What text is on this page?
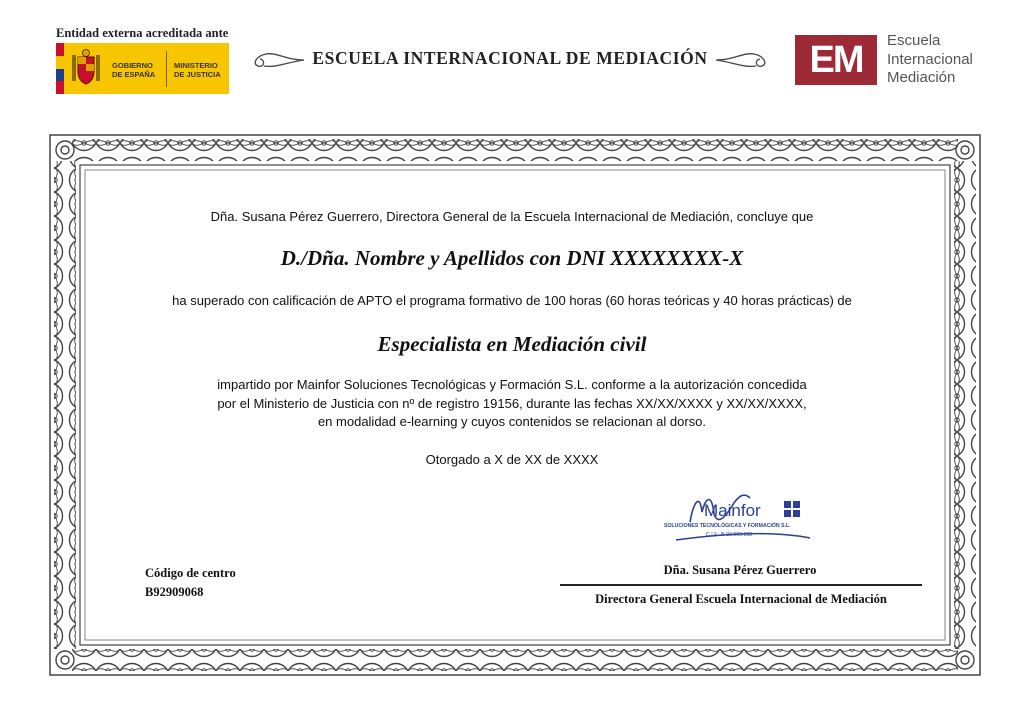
Entidad externa acreditada ante
GOBIERNO DE ESPAÑA
MINISTERIO DE JUSTICIA
ESCUELA INTERNACIONAL DE MEDIACIÓN	EM	Escuela
Internacional
Mediación
Dña. Susana Pérez Guerrero, Directora General de la Escuela Internacional de Mediación, concluye que
D./Dña. Nombre y Apellidos con DNI XXXXXXXX-X
ha superado con calificación de APTO el programa formativo de 100 horas (60 horas teóricas y 40 horas prácticas) de
Especialista en Mediación civil
impartido por Mainfor Soluciones Tecnológicas y Formación S.L. conforme a la autorización concedida
por el Ministerio de Justicia con nº de registro 19156, durante las fechas XX/XX/XXXX y XX/XX/XXXX,
en modalidad e-learning y cuyos contenidos se relacionan al dorso.
Otorgado a X de XX de XXXX
Código de centro
B92909068
Mainfor
SOLUCIONES TECNOLÓGICAS Y FORMACIÓN S.L.
C.I.F.: B-92.909.068
Dña. Susana Pérez Guerrero
Directora General Escuela Internacional de Mediación
